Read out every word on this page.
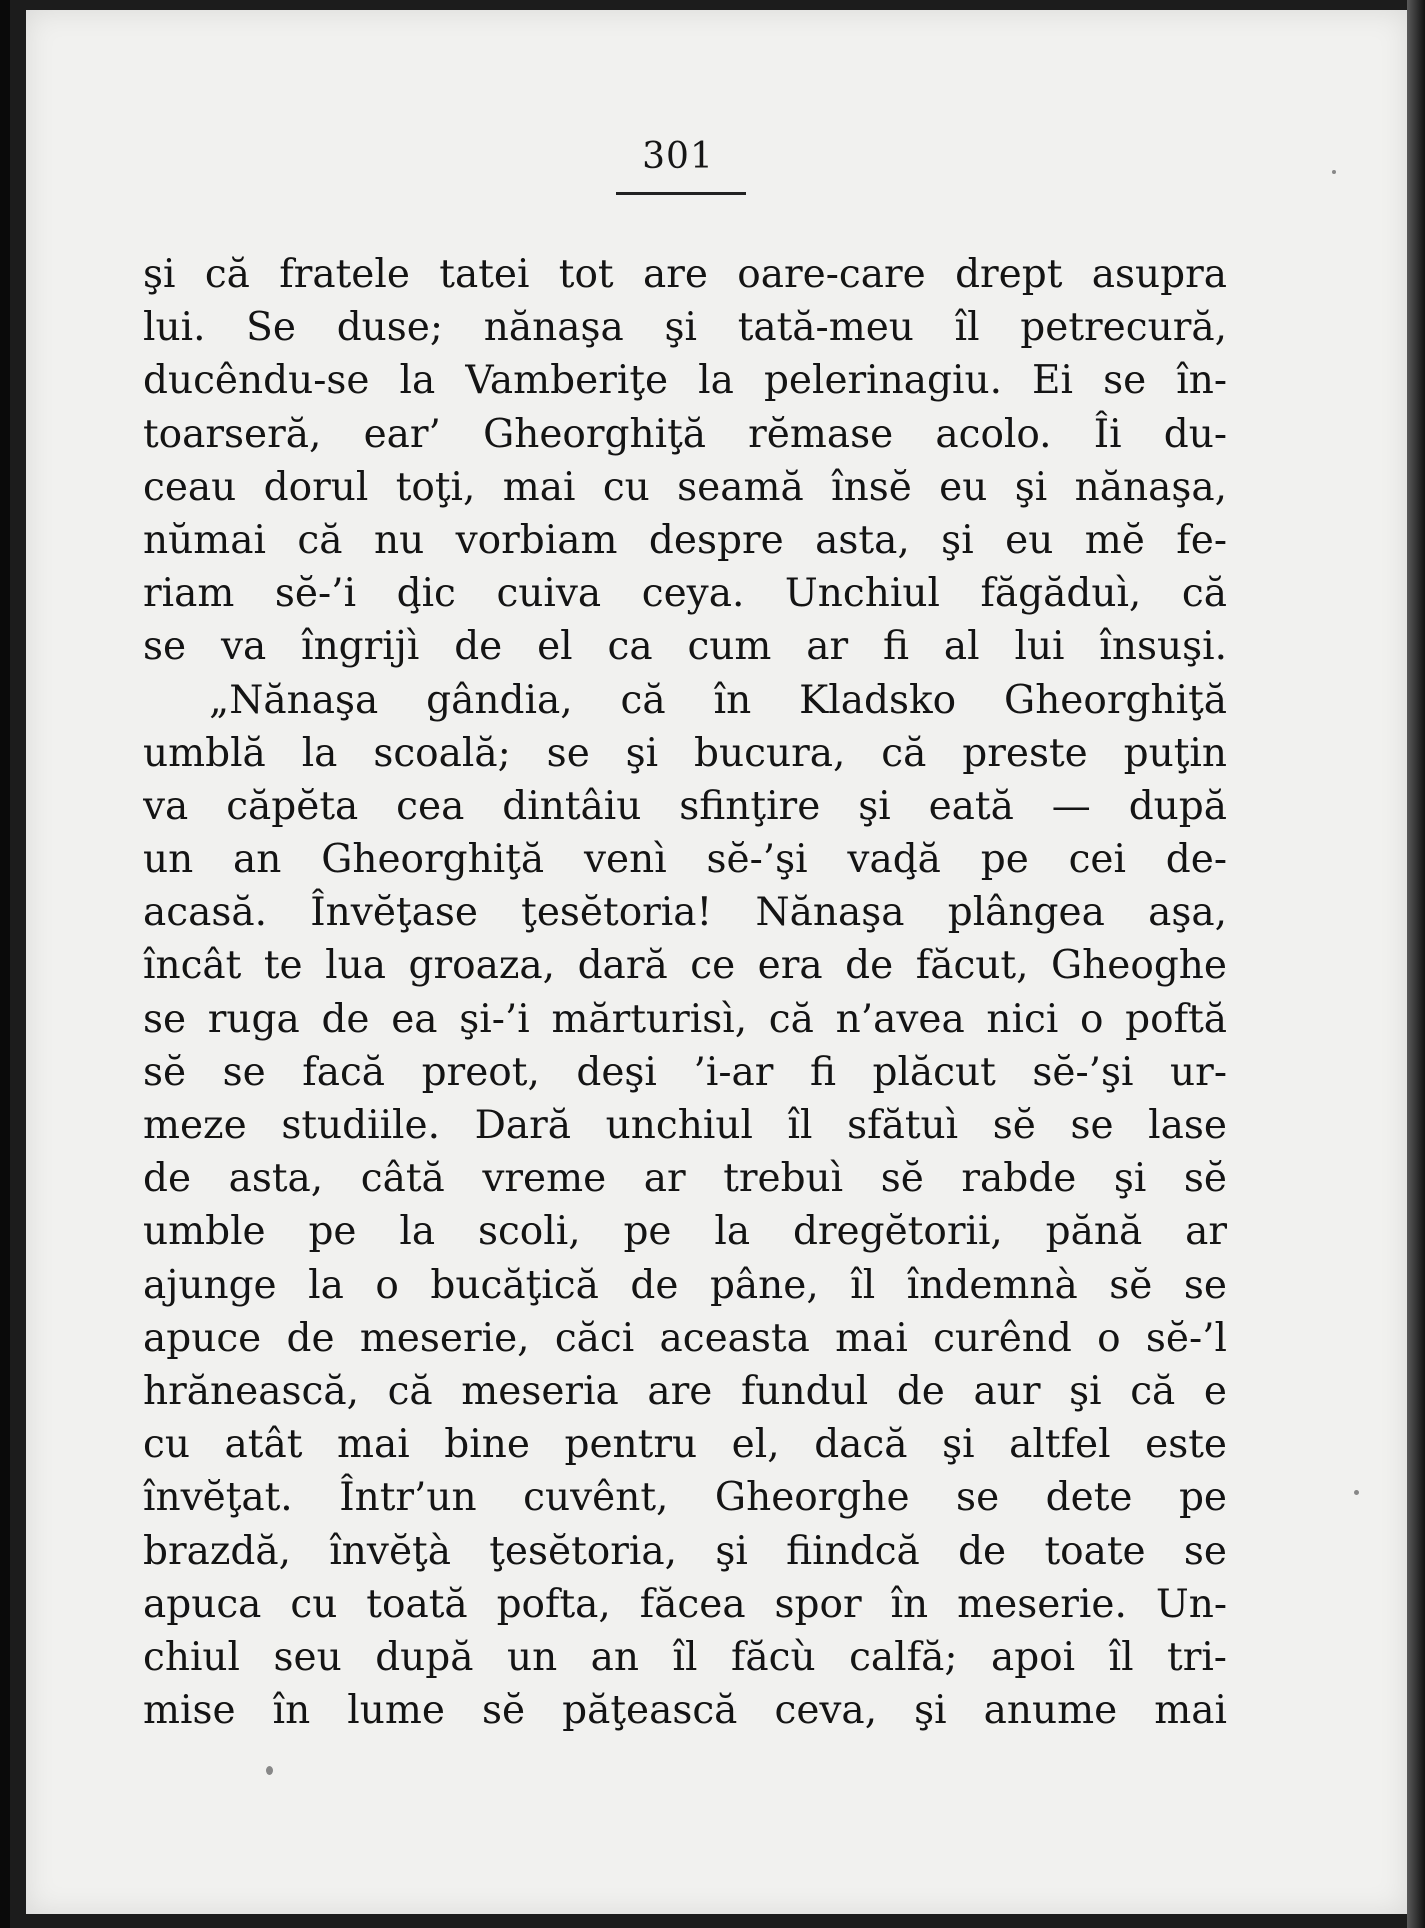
301
şi că fratele tatei tot are oare-care drept asupra
lui. Se duse; nănaşa şi tată-meu îl petrecură,
ducêndu-se la Vamberiţe la pelerinagiu. Ei se în-
toarseră, ear’ Gheorghiţă rĕmase acolo. Îi du-
ceau dorul toţi, mai cu seamă însĕ eu şi nănaşa,
nŭmai că nu vorbiam despre asta, şi eu mĕ fe-
riam sĕ-’i ḑic cuiva ceya. Unchiul făgăduì, că
se va îngrijì de el ca cum ar fi al lui însuşi.
„Nănaşa gândia, că în Kladsko Gheorghiţă
umblă la scoală; se şi bucura, că preste puţin
va căpĕta cea dintâiu sfinţire şi eată — după
un an Gheorghiţă venì sĕ-’şi vaḑă pe cei de-
acasă. Învĕţase ţesĕtoria! Nănaşa plângea aşa,
încât te lua groaza, dară ce era de făcut, Gheoghe
se ruga de ea şi-’i mărturisì, că n’avea nici o poftă
sĕ se facă preot, deşi ’i-ar fi plăcut sĕ-’şi ur-
meze studiile. Dară unchiul îl sfătuì sĕ se lase
de asta, câtă vreme ar trebuì sĕ rabde şi sĕ
umble pe la scoli, pe la dregĕtorii, pănă ar
ajunge la o bucăţică de pâne, îl îndemnà sĕ se
apuce de meserie, căci aceasta mai curênd o sĕ-’l
hrănească, că meseria are fundul de aur şi că e
cu atât mai bine pentru el, dacă şi altfel este
învĕţat. Într’un cuvênt, Gheorghe se dete pe
brazdă, învĕţà ţesĕtoria, şi fiindcă de toate se
apuca cu toată pofta, făcea spor în meserie. Un-
chiul seu după un an îl făcù calfă; apoi îl tri-
mise în lume sĕ păţească ceva, şi anume mai
